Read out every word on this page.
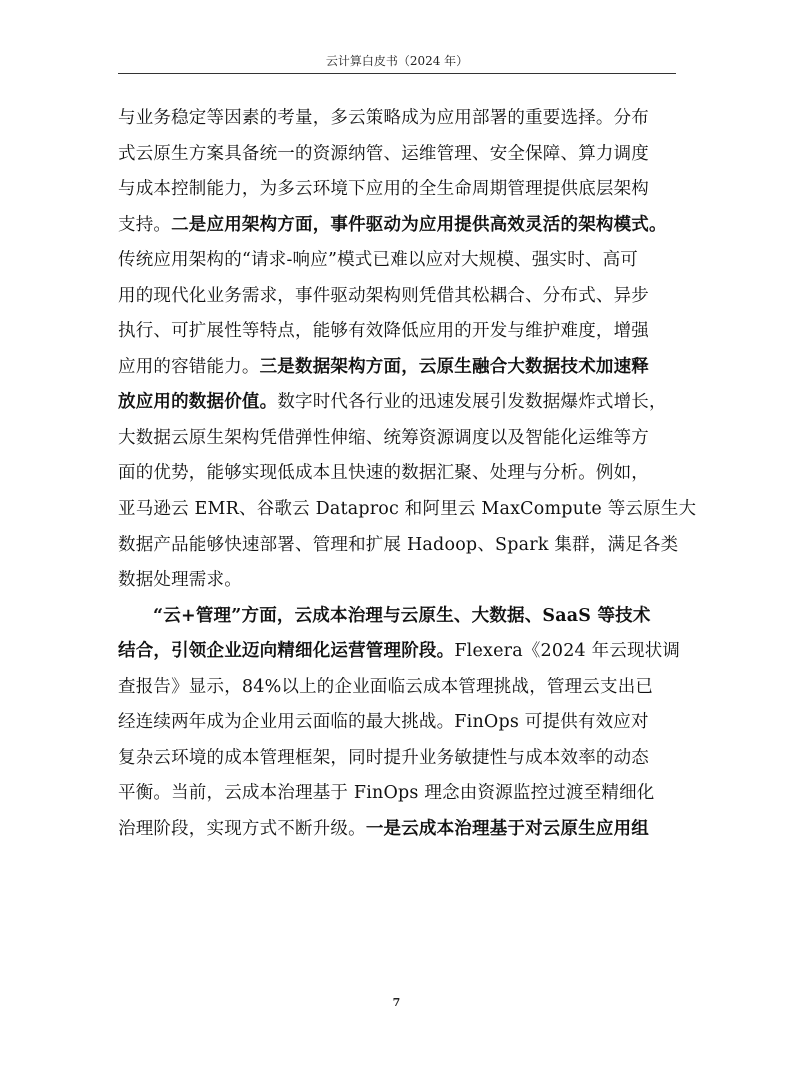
云计算白皮书（2024 年）
与业务稳定等因素的考量，多云策略成为应用部署的重要选择。分布
式云原生方案具备统一的资源纳管、运维管理、安全保障、算力调度
与成本控制能力，为多云环境下应用的全生命周期管理提供底层架构
支持。二是应用架构方面，事件驱动为应用提供高效灵活的架构模式。
传统应用架构的“请求-响应”模式已难以应对大规模、强实时、高可
用的现代化业务需求，事件驱动架构则凭借其松耦合、分布式、异步
执行、可扩展性等特点，能够有效降低应用的开发与维护难度，增强
应用的容错能力。三是数据架构方面，云原生融合大数据技术加速释
放应用的数据价值。数字时代各行业的迅速发展引发数据爆炸式增长，
大数据云原生架构凭借弹性伸缩、统筹资源调度以及智能化运维等方
面的优势，能够实现低成本且快速的数据汇聚、处理与分析。例如，
亚马逊云 EMR、谷歌云 Dataproc 和阿里云 MaxCompute 等云原生大
数据产品能够快速部署、管理和扩展 Hadoop、Spark 集群，满足各类
数据处理需求。
“云+管理”方面，云成本治理与云原生、大数据、SaaS 等技术
结合，引领企业迈向精细化运营管理阶段。Flexera《2024 年云现状调
查报告》显示，84%以上的企业面临云成本管理挑战，管理云支出已
经连续两年成为企业用云面临的最大挑战。FinOps 可提供有效应对
复杂云环境的成本管理框架，同时提升业务敏捷性与成本效率的动态
平衡。当前，云成本治理基于 FinOps 理念由资源监控过渡至精细化
治理阶段，实现方式不断升级。一是云成本治理基于对云原生应用组
7
